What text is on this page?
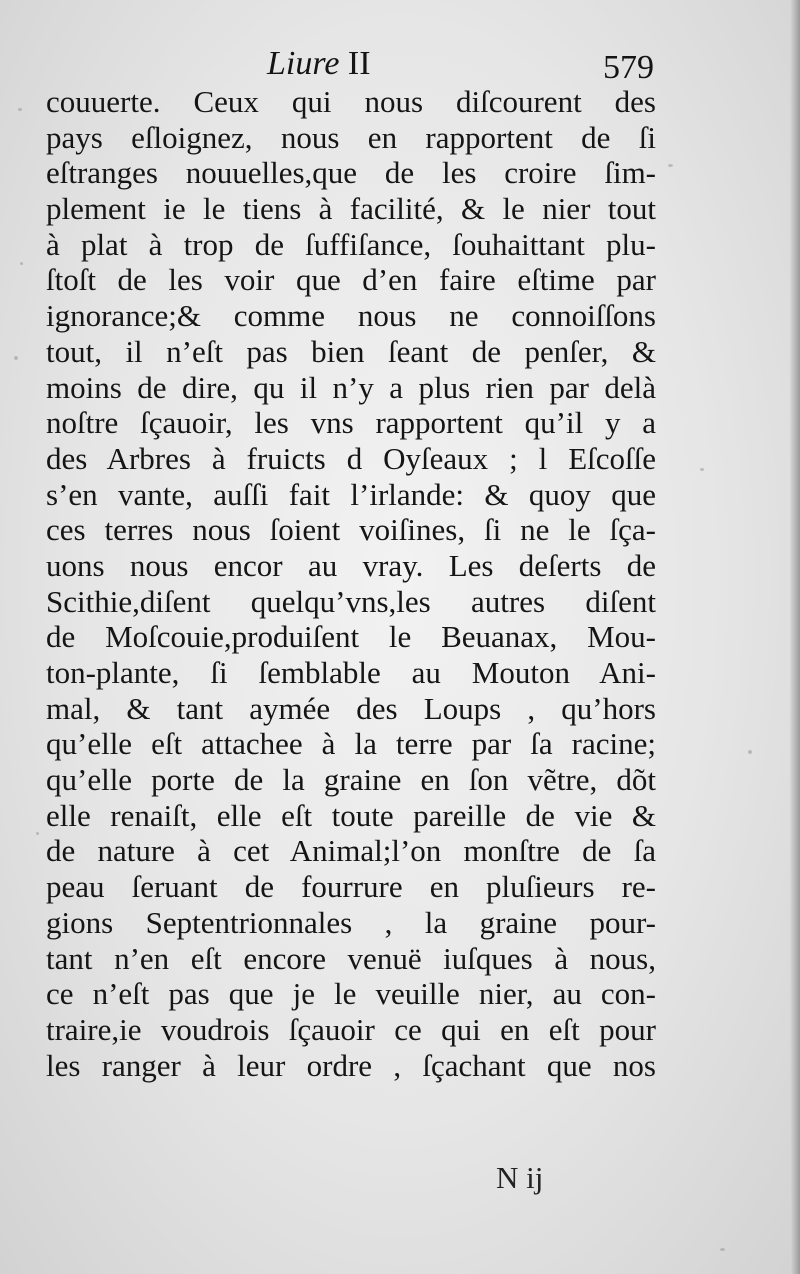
Liure II	579
couuerte. Ceux qui nous diſcourent des
pays eſloignez, nous en rapportent de ſi
eſtranges nouuelles,que de les croire ſim-
plement ie le tiens à facilité, & le nier tout
à plat à trop de ſuffiſance, ſouhaittant plu-
ſtoſt de les voir que d’en faire eſtime par
ignorance;& comme nous ne connoiſſons
tout, il n’eſt pas bien ſeant de penſer, &
moins de dire, qu il n’y a plus rien par delà
noſtre ſçauoir, les vns rapportent qu’il y a
des Arbres à fruicts d Oyſeaux ; l Eſcoſſe
s’en vante, auſſi fait l’irlande: & quoy que
ces terres nous ſoient voiſines, ſi ne le ſça-
uons nous encor au vray. Les deſerts de
Scithie,diſent quelqu’vns,les autres diſent
de Moſcouie,produiſent le Beuanax, Mou-
ton-plante, ſi ſemblable au Mouton Ani-
mal, & tant aymée des Loups , qu’hors
qu’elle eſt attachee à la terre par ſa racine;
qu’elle porte de la graine en ſon vẽtre, dõt
elle renaiſt, elle eſt toute pareille de vie &
de nature à cet Animal;l’on monſtre de ſa
peau ſeruant de fourrure en pluſieurs re-
gions Septentrionnales , la graine pour-
tant n’en eſt encore venuë iuſques à nous,
ce n’eſt pas que je le veuille nier, au con-
traire,ie voudrois ſçauoir ce qui en eſt pour
les ranger à leur ordre , ſçachant que nos
N ij
